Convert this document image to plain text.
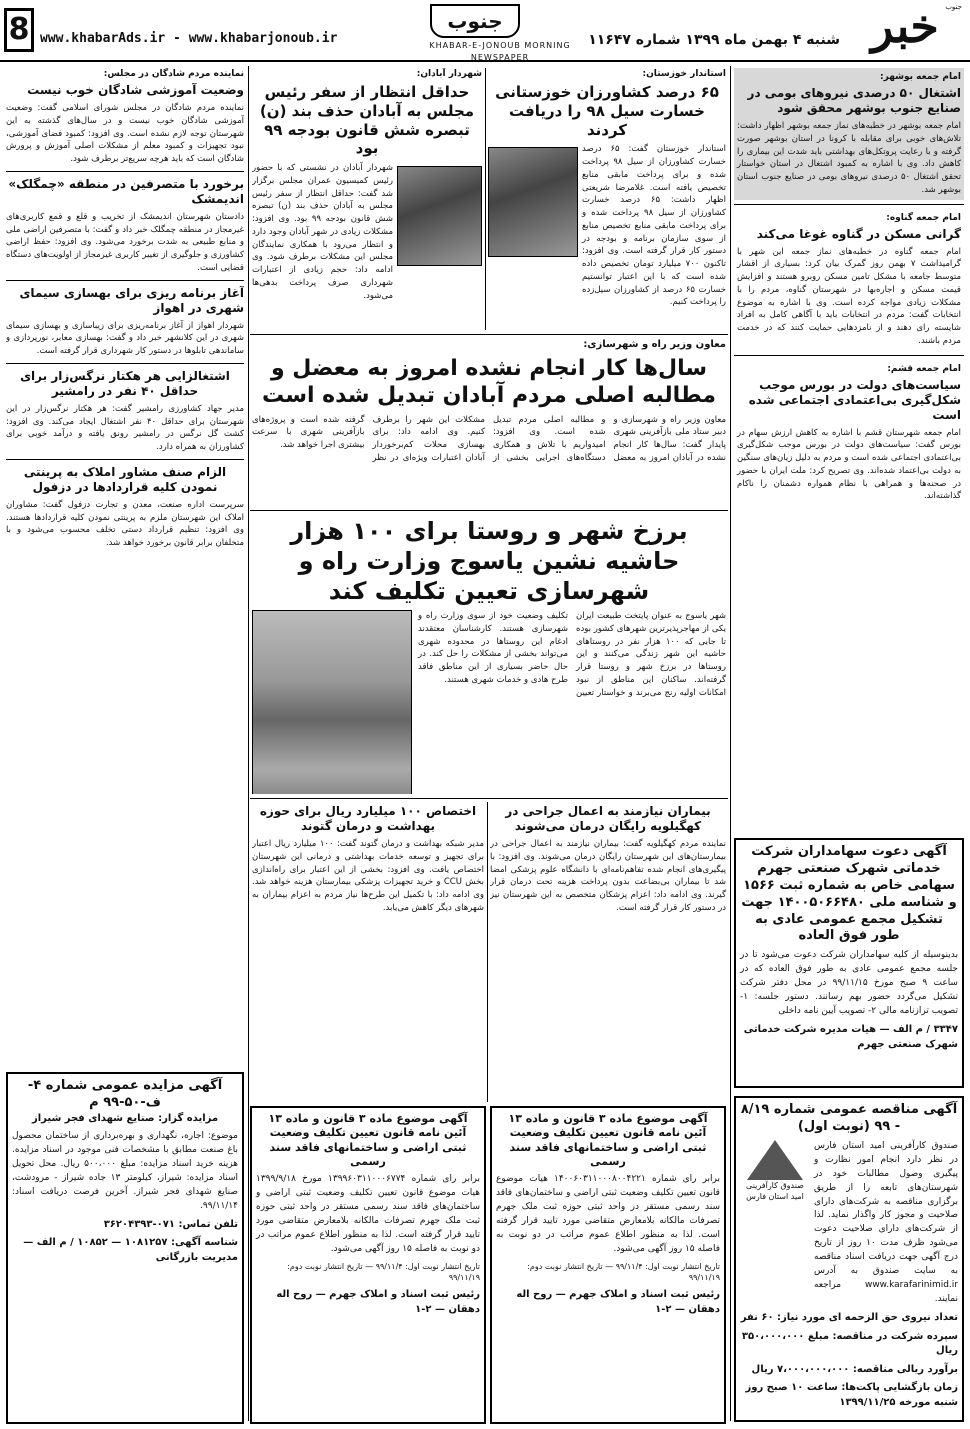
خبر جنوب
شنبه ۴ بهمن ماه ۱۳۹۹ شماره ۱۱۶۴۷
جنوب
KHABAR-E-JONOUB MORNING NEWSPAPER
www.khabarAds.ir - www.khabarjonoub.ir
8
امام جمعه بوشهر:
اشتغال ۵۰ درصدی نیروهای بومی در صنایع جنوب بوشهر محقق شود
امام جمعه بوشهر در خطبه‌های نماز جمعه بوشهر اظهار داشت: تلاش‌های خوبی برای مقابله با کرونا در استان بوشهر صورت گرفته و با رعایت پروتکل‌های بهداشتی باید شدت این بیماری را کاهش داد. وی با اشاره به کمبود اشتغال در استان خواستار تحقق اشتغال ۵۰ درصدی نیروهای بومی در صنایع جنوب استان بوشهر شد.
امام جمعه گناوه:
گرانی مسکن در گناوه غوغا می‌کند
امام جمعه گناوه در خطبه‌های نماز جمعه این شهر با گرامیداشت ۷ بهمن روز گمرک بیان کرد: بسیاری از اقشار متوسط جامعه با مشکل تامین مسکن روبرو هستند و افزایش قیمت مسکن و اجاره‌بها در شهرستان گناوه، مردم را با مشکلات زیادی مواجه کرده است. وی با اشاره به موضوع انتخابات گفت: مردم در انتخابات باید با آگاهی کامل به افراد شایسته رای دهند و از نامزدهایی حمایت کنند که در خدمت مردم باشند.
امام جمعه قشم:
سیاست‌های دولت در بورس موجب شکل‌گیری بی‌اعتمادی اجتماعی شده است
امام جمعه شهرستان قشم با اشاره به کاهش ارزش سهام در بورس گفت: سیاست‌های دولت در بورس موجب شکل‌گیری بی‌اعتمادی اجتماعی شده است و مردم به دلیل زیان‌های سنگین به دولت بی‌اعتماد شده‌اند. وی تصریح کرد: ملت ایران با حضور در صحنه‌ها و همراهی با نظام همواره دشمنان را ناکام گذاشته‌اند.
آگهی دعوت سهامداران شرکت خدماتی شهرک صنعتی جهرم سهامی خاص به شماره ثبت ۱۵۶۶ و شناسه ملی ۱۴۰۰۵۰۶۶۴۸۰ جهت تشکیل مجمع عمومی عادی به طور فوق العاده
بدینوسیله از کلیه سهامداران شرکت دعوت می‌شود تا در جلسه مجمع عمومی عادی به طور فوق العاده که در ساعت ۹ صبح مورخ ۹۹/۱۱/۱۵ در محل دفتر شرکت تشکیل می‌گردد حضور بهم رسانند. دستور جلسه: ۱- تصویب ترازنامه مالی ۲- تصویب آیین نامه داخلی
۳۳۴۷ / م الف — هیات مدیره شرکت خدماتی شهرک صنعتی جهرم
آگهی مناقصه عمومی شماره ۸/۱۹ - ۹۹ (نوبت اول)
صندوق کارآفرینی امید استان فارس در نظر دارد انجام امور نظارت و پیگیری وصول مطالبات خود در شهرستان‌های تابعه را از طریق برگزاری مناقصه به شرکت‌های دارای صلاحیت و مجوز کار واگذار نماید. لذا از شرکت‌های دارای صلاحیت دعوت می‌شود ظرف مدت ۱۰ روز از تاریخ درج آگهی جهت دریافت اسناد مناقصه به سایت صندوق به آدرس www.karafarinimid.ir مراجعه نمایند.
صندوق کارآفرینی امید استان فارس
تعداد نیروی حق الزحمه ای مورد نیاز: ۶۰ نفر
سپرده شرکت در مناقصه: مبلغ ۳۵۰،۰۰۰،۰۰۰ ریال
برآورد ریالی مناقصه: ۷،۰۰۰،۰۰۰،۰۰۰ ریال
زمان بازگشایی پاکت‌ها: ساعت ۱۰ صبح روز شنبه مورخه ۱۳۹۹/۱۱/۲۵
استاندار خوزستان:
۶۵ درصد کشاورزان خوزستانی خسارت سیل ۹۸ را دریافت کردند
استاندار خوزستان گفت: ۶۵ درصد خسارت کشاورزان از سیل ۹۸ پرداخت شده و برای پرداخت مابقی منابع تخصیص یافته است. غلامرضا شریعتی اظهار داشت: ۶۵ درصد خسارت کشاورزان از سیل ۹۸ پرداخت شده و برای پرداخت مابقی منابع تخصیص منابع از سوی سازمان برنامه و بودجه در دستور کار قرار گرفته است. وی افزود: تاکنون ۷۰۰ میلیارد تومان تخصیص داده شده است که با این اعتبار توانستیم خسارت ۶۵ درصد از کشاورزان سیل‌زده را پرداخت کنیم.
شهردار آبادان:
حداقل انتظار از سفر رئیس مجلس به آبادان حذف بند (ن) تبصره شش قانون بودجه ۹۹ بود
شهردار آبادان در نشستی که با حضور رئیس کمیسیون عمران مجلس برگزار شد گفت: حداقل انتظار از سفر رئیس مجلس به آبادان حذف بند (ن) تبصره شش قانون بودجه ۹۹ بود. وی افزود: مشکلات زیادی در شهر آبادان وجود دارد و انتظار می‌رود با همکاری نمایندگان مجلس این مشکلات برطرف شود. وی ادامه داد: حجم زیادی از اعتبارات شهرداری صرف پرداخت بدهی‌ها می‌شود.
معاون وزیر راه و شهرسازی:
سال‌ها کار انجام نشده امروز به معضل و مطالبه اصلی مردم آبادان تبدیل شده است
معاون وزیر راه و شهرسازی و دبیر ستاد ملی بازآفرینی شهری پایدار گفت: سال‌ها کار انجام نشده در آبادان امروز به معضل و مطالبه اصلی مردم تبدیل شده است. وی افزود: امیدواریم با تلاش و همکاری دستگاه‌های اجرایی بخشی از مشکلات این شهر را برطرف کنیم. وی ادامه داد: برای بهسازی محلات کم‌برخوردار آبادان اعتبارات ویژه‌ای در نظر گرفته شده است و پروژه‌های بازآفرینی شهری با سرعت بیشتری اجرا خواهد شد.
برزخ شهر و روستا برای ۱۰۰ هزار حاشیه نشین یاسوج وزارت راه و شهرسازی تعیین تکلیف کند
شهر یاسوج به عنوان پایتخت طبیعت ایران یکی از مهاجرپذیرترین شهرهای کشور بوده تا جایی که ۱۰۰ هزار نفر در روستاهای حاشیه این شهر زندگی می‌کنند و این روستاها در برزخ شهر و روستا قرار گرفته‌اند. ساکنان این مناطق از نبود امکانات اولیه رنج می‌برند و خواستار تعیین تکلیف وضعیت خود از سوی وزارت راه و شهرسازی هستند. کارشناسان معتقدند ادغام این روستاها در محدوده شهری می‌تواند بخشی از مشکلات را حل کند. در حال حاضر بسیاری از این مناطق فاقد طرح هادی و خدمات شهری هستند.
بیماران نیازمند به اعمال جراحی در کهگیلویه رایگان درمان می‌شوند
نماینده مردم کهگیلویه گفت: بیماران نیازمند به اعمال جراحی در بیمارستان‌های این شهرستان رایگان درمان می‌شوند. وی افزود: با پیگیری‌های انجام شده تفاهم‌نامه‌ای با دانشگاه علوم پزشکی امضا شد تا بیماران بی‌بضاعت بدون پرداخت هزینه تحت درمان قرار گیرند. وی ادامه داد: اعزام پزشکان متخصص به این شهرستان نیز در دستور کار قرار گرفته است.
اختصاص ۱۰۰ میلیارد ریال برای حوزه بهداشت و درمان گتوند
مدیر شبکه بهداشت و درمان گتوند گفت: ۱۰۰ میلیارد ریال اعتبار برای تجهیز و توسعه خدمات بهداشتی و درمانی این شهرستان اختصاص یافت. وی افزود: بخشی از این اعتبار برای راه‌اندازی بخش CCU و خرید تجهیزات پزشکی بیمارستان هزینه خواهد شد. وی ادامه داد: با تکمیل این طرح‌ها نیاز مردم به اعزام بیماران به شهرهای دیگر کاهش می‌یابد.
نماینده مردم شادگان در مجلس:
وضعیت آموزشی شادگان خوب نیست
نماینده مردم شادگان در مجلس شورای اسلامی گفت: وضعیت آموزشی شادگان خوب نیست و در سال‌های گذشته به این شهرستان توجه لازم نشده است. وی افزود: کمبود فضای آموزشی، نبود تجهیزات و کمبود معلم از مشکلات اصلی آموزش و پرورش شادگان است که باید هرچه سریع‌تر برطرف شود.
برخورد با متصرفین در منطقه «چمگلک» اندیمشک
دادستان شهرستان اندیمشک از تخریب و قلع و قمع کاربری‌های غیرمجاز در منطقه چمگلک خبر داد و گفت: با متصرفین اراضی ملی و منابع طبیعی به شدت برخورد می‌شود. وی افزود: حفظ اراضی کشاورزی و جلوگیری از تغییر کاربری غیرمجاز از اولویت‌های دستگاه قضایی است.
آغاز برنامه ریزی برای بهسازی سیمای شهری در اهواز
شهردار اهواز از آغاز برنامه‌ریزی برای زیباسازی و بهسازی سیمای شهری در این کلانشهر خبر داد و گفت: بهسازی معابر، نورپردازی و ساماندهی تابلوها در دستور کار شهرداری قرار گرفته است.
اشتغالزایی هر هکتار نرگس‌زار برای حداقل ۴۰ نفر در رامشیر
مدیر جهاد کشاورزی رامشیر گفت: هر هکتار نرگس‌زار در این شهرستان برای حداقل ۴۰ نفر اشتغال ایجاد می‌کند. وی افزود: کشت گل نرگس در رامشیر رونق یافته و درآمد خوبی برای کشاورزان به همراه دارد.
الزام صنف مشاور املاک به پرینتی نمودن کلیه قراردادها در دزفول
سرپرست اداره صنعت، معدن و تجارت دزفول گفت: مشاوران املاک این شهرستان ملزم به پرینتی نمودن کلیه قراردادها هستند. وی افزود: تنظیم قرارداد دستی تخلف محسوب می‌شود و با متخلفان برابر قانون برخورد خواهد شد.
آگهی موضوع ماده ۳ قانون و ماده ۱۳ آئین نامه قانون تعیین تکلیف وضعیت ثبتی اراضی و ساختمانهای فاقد سند رسمی
برابر رای شماره ۱۴۰۰۶۰۳۱۱۰۰۰۸۰۰۴۲۲۱ هیات موضوع قانون تعیین تکلیف وضعیت ثبتی اراضی و ساختمان‌های فاقد سند رسمی مستقر در واحد ثبتی حوزه ثبت ملک جهرم تصرفات مالکانه بلامعارض متقاضی مورد تایید قرار گرفته است. لذا به منظور اطلاع عموم مراتب در دو نوبت به فاصله ۱۵ روز آگهی می‌شود.
تاریخ انتشار نوبت اول: ۹۹/۱۱/۴ — تاریخ انتشار نوبت دوم: ۹۹/۱۱/۱۹
رئیس ثبت اسناد و املاک جهرم — روح اله دهقان — ۲-۱
آگهی موضوع ماده ۳ قانون و ماده ۱۳ آئین نامه قانون تعیین تکلیف وضعیت ثبتی اراضی و ساختمانهای فاقد سند رسمی
برابر رای شماره ۱۳۹۹۶۰۳۱۱۰۰۰۶۷۷۴ مورخ ۱۳۹۹/۹/۱۸ هیات موضوع قانون تعیین تکلیف وضعیت ثبتی اراضی و ساختمان‌های فاقد سند رسمی مستقر در واحد ثبتی حوزه ثبت ملک جهرم تصرفات مالکانه بلامعارض متقاضی مورد تایید قرار گرفته است. لذا به منظور اطلاع عموم مراتب در دو نوبت به فاصله ۱۵ روز آگهی می‌شود.
تاریخ انتشار نوبت اول: ۹۹/۱۱/۴ — تاریخ انتشار نوبت دوم: ۹۹/۱۱/۱۹
رئیس ثبت اسناد و املاک جهرم — روح اله دهقان — ۲-۱
آگهی مزایده عمومی شماره ۴-ف-۵۰-۹۹ م
مزایده گزار: صنایع شهدای فجر شیراز
موضوع: اجاره، نگهداری و بهره‌برداری از ساختمان محصول باغ صنعت مطابق با مشخصات فنی موجود در اسناد مزایده. هزینه خرید اسناد مزایده: مبلغ ۵۰۰،۰۰۰ ریال. محل تحویل اسناد مزایده: شیراز، کیلومتر ۱۳ جاده شیراز - مرودشت، صنایع شهدای فجر شیراز. آخرین فرصت دریافت اسناد: ۹۹/۱۱/۱۴.
تلفن تماس: ۰۷۱-۳۶۲۰۴۳۹۳
شناسه آگهی: ۱۰۸۱۲۵۷ — ۱۰۸۵۲ / م الف — مدیریت بازرگانی
